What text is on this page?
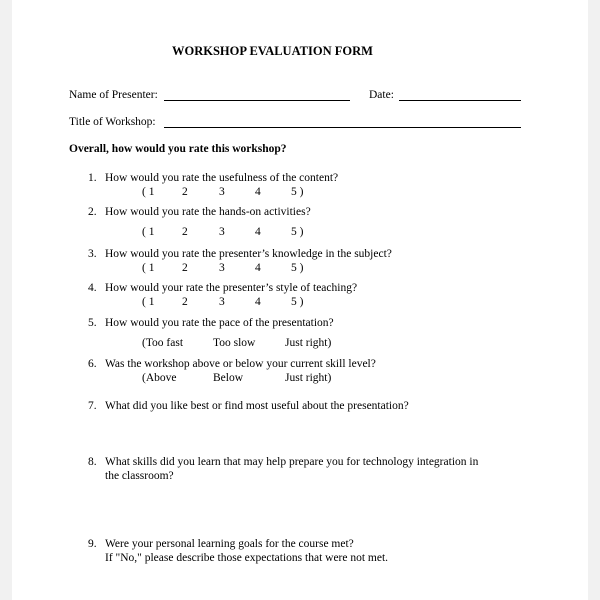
WORKSHOP EVALUATION FORM
Name of Presenter:	Date:
Title of Workshop:
Overall, how would you rate this workshop?
1. How would you rate the usefulness of the content?
( 1 2	3	4	5 )
2. How would you rate the hands-on activities?
( 1 2	3	4	5 )
3. How would you rate the presenter’s knowledge in the subject?
( 1 2	3	4	5 )
4. How would your rate the presenter’s style of teaching?
( 1 2	3	4	5 )
5. How would you rate the pace of the presentation?
(Too fast	Too slow	Just right)
6. Was the workshop above or below your current skill level?
(Above	Below	Just right)
7. What did you like best or find most useful about the presentation?
8. What skills did you learn that may help prepare you for technology integration in
the classroom?
9. Were your personal learning goals for the course met?
If "No," please describe those expectations that were not met.
